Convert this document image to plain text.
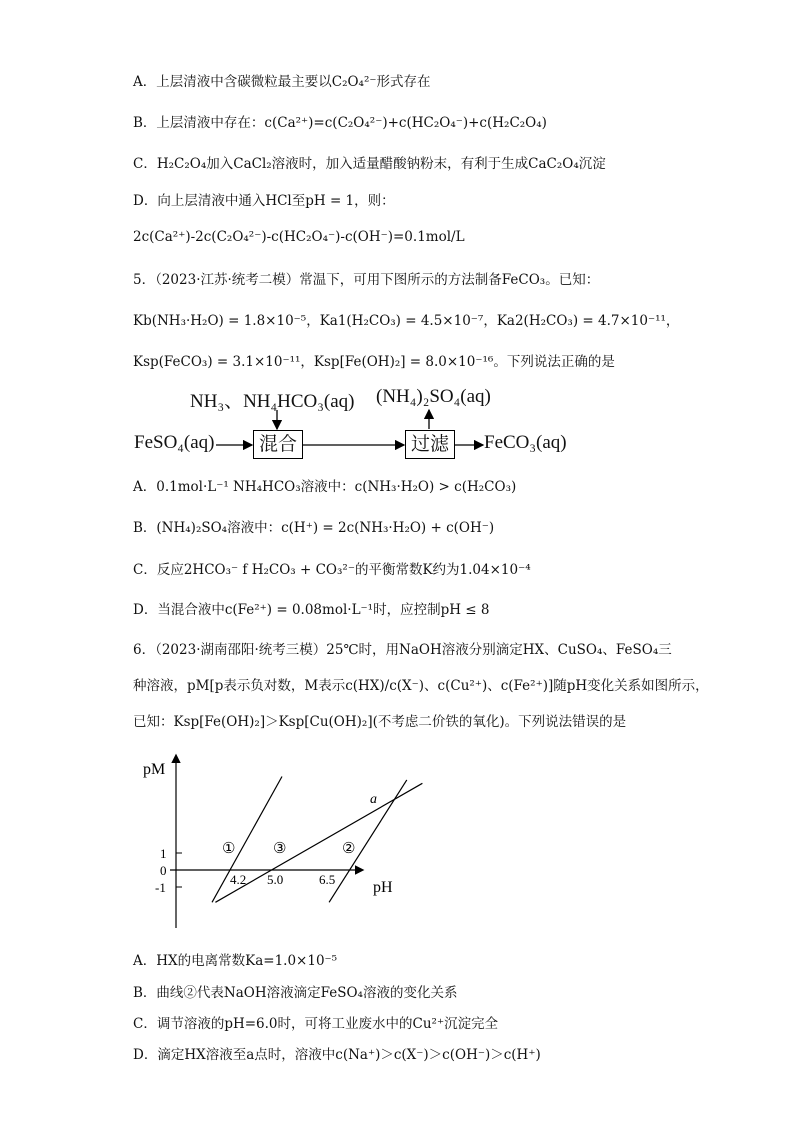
A．上层清液中含碳微粒最主要以C₂O₄²⁻形式存在
B．上层清液中存在：c(Ca²⁺)=c(C₂O₄²⁻)+c(HC₂O₄⁻)+c(H₂C₂O₄)
C．H₂C₂O₄加入CaCl₂溶液时，加入适量醋酸钠粉末，有利于生成CaC₂O₄沉淀
D．向上层清液中通入HCl至pH = 1，则：
2c(Ca²⁺)-2c(C₂O₄²⁻)-c(HC₂O₄⁻)-c(OH⁻)=0.1mol/L
5．（2023·江苏·统考二模）常温下，可用下图所示的方法制备FeCO₃。已知：
Kb(NH₃·H₂O) = 1.8×10⁻⁵，Ka1(H₂CO₃) = 4.5×10⁻⁷，Ka2(H₂CO₃) = 4.7×10⁻¹¹，
Ksp(FeCO₃) = 3.1×10⁻¹¹，Ksp[Fe(OH)₂] = 8.0×10⁻¹⁶。下列说法正确的是
NH₃、NH₄HCO₃(aq) (NH₄)₂SO₄(aq)
FeSO₄(aq)	混合	过滤	FeCO₃(aq)
A．0.1mol·L⁻¹ NH₄HCO₃溶液中：c(NH₃·H₂O) > c(H₂CO₃)
B．(NH₄)₂SO₄溶液中：c(H⁺) = 2c(NH₃·H₂O) + c(OH⁻)
C．反应2HCO₃⁻ f H₂CO₃ + CO₃²⁻的平衡常数K约为1.04×10⁻⁴
D．当混合液中c(Fe²⁺) = 0.08mol·L⁻¹时，应控制pH ≤ 8
6．（2023·湖南邵阳·统考三模）25℃时，用NaOH溶液分别滴定HX、CuSO₄、FeSO₄三
种溶液，pM[p表示负对数，M表示c(HX)/c(X⁻)、c(Cu²⁺)、c(Fe²⁺)]随pH变化关系如图所示，
已知：Ksp[Fe(OH)₂]＞Ksp[Cu(OH)₂](不考虑二价铁的氧化)。下列说法错误的是
pM
pH
1
0
-1
4.2 5.0	6.5
①	③	②
a
A．HX的电离常数Ka=1.0×10⁻⁵
B．曲线②代表NaOH溶液滴定FeSO₄溶液的变化关系
C．调节溶液的pH=6.0时，可将工业废水中的Cu²⁺沉淀完全
D．滴定HX溶液至a点时，溶液中c(Na⁺)＞c(X⁻)＞c(OH⁻)＞c(H⁺)
